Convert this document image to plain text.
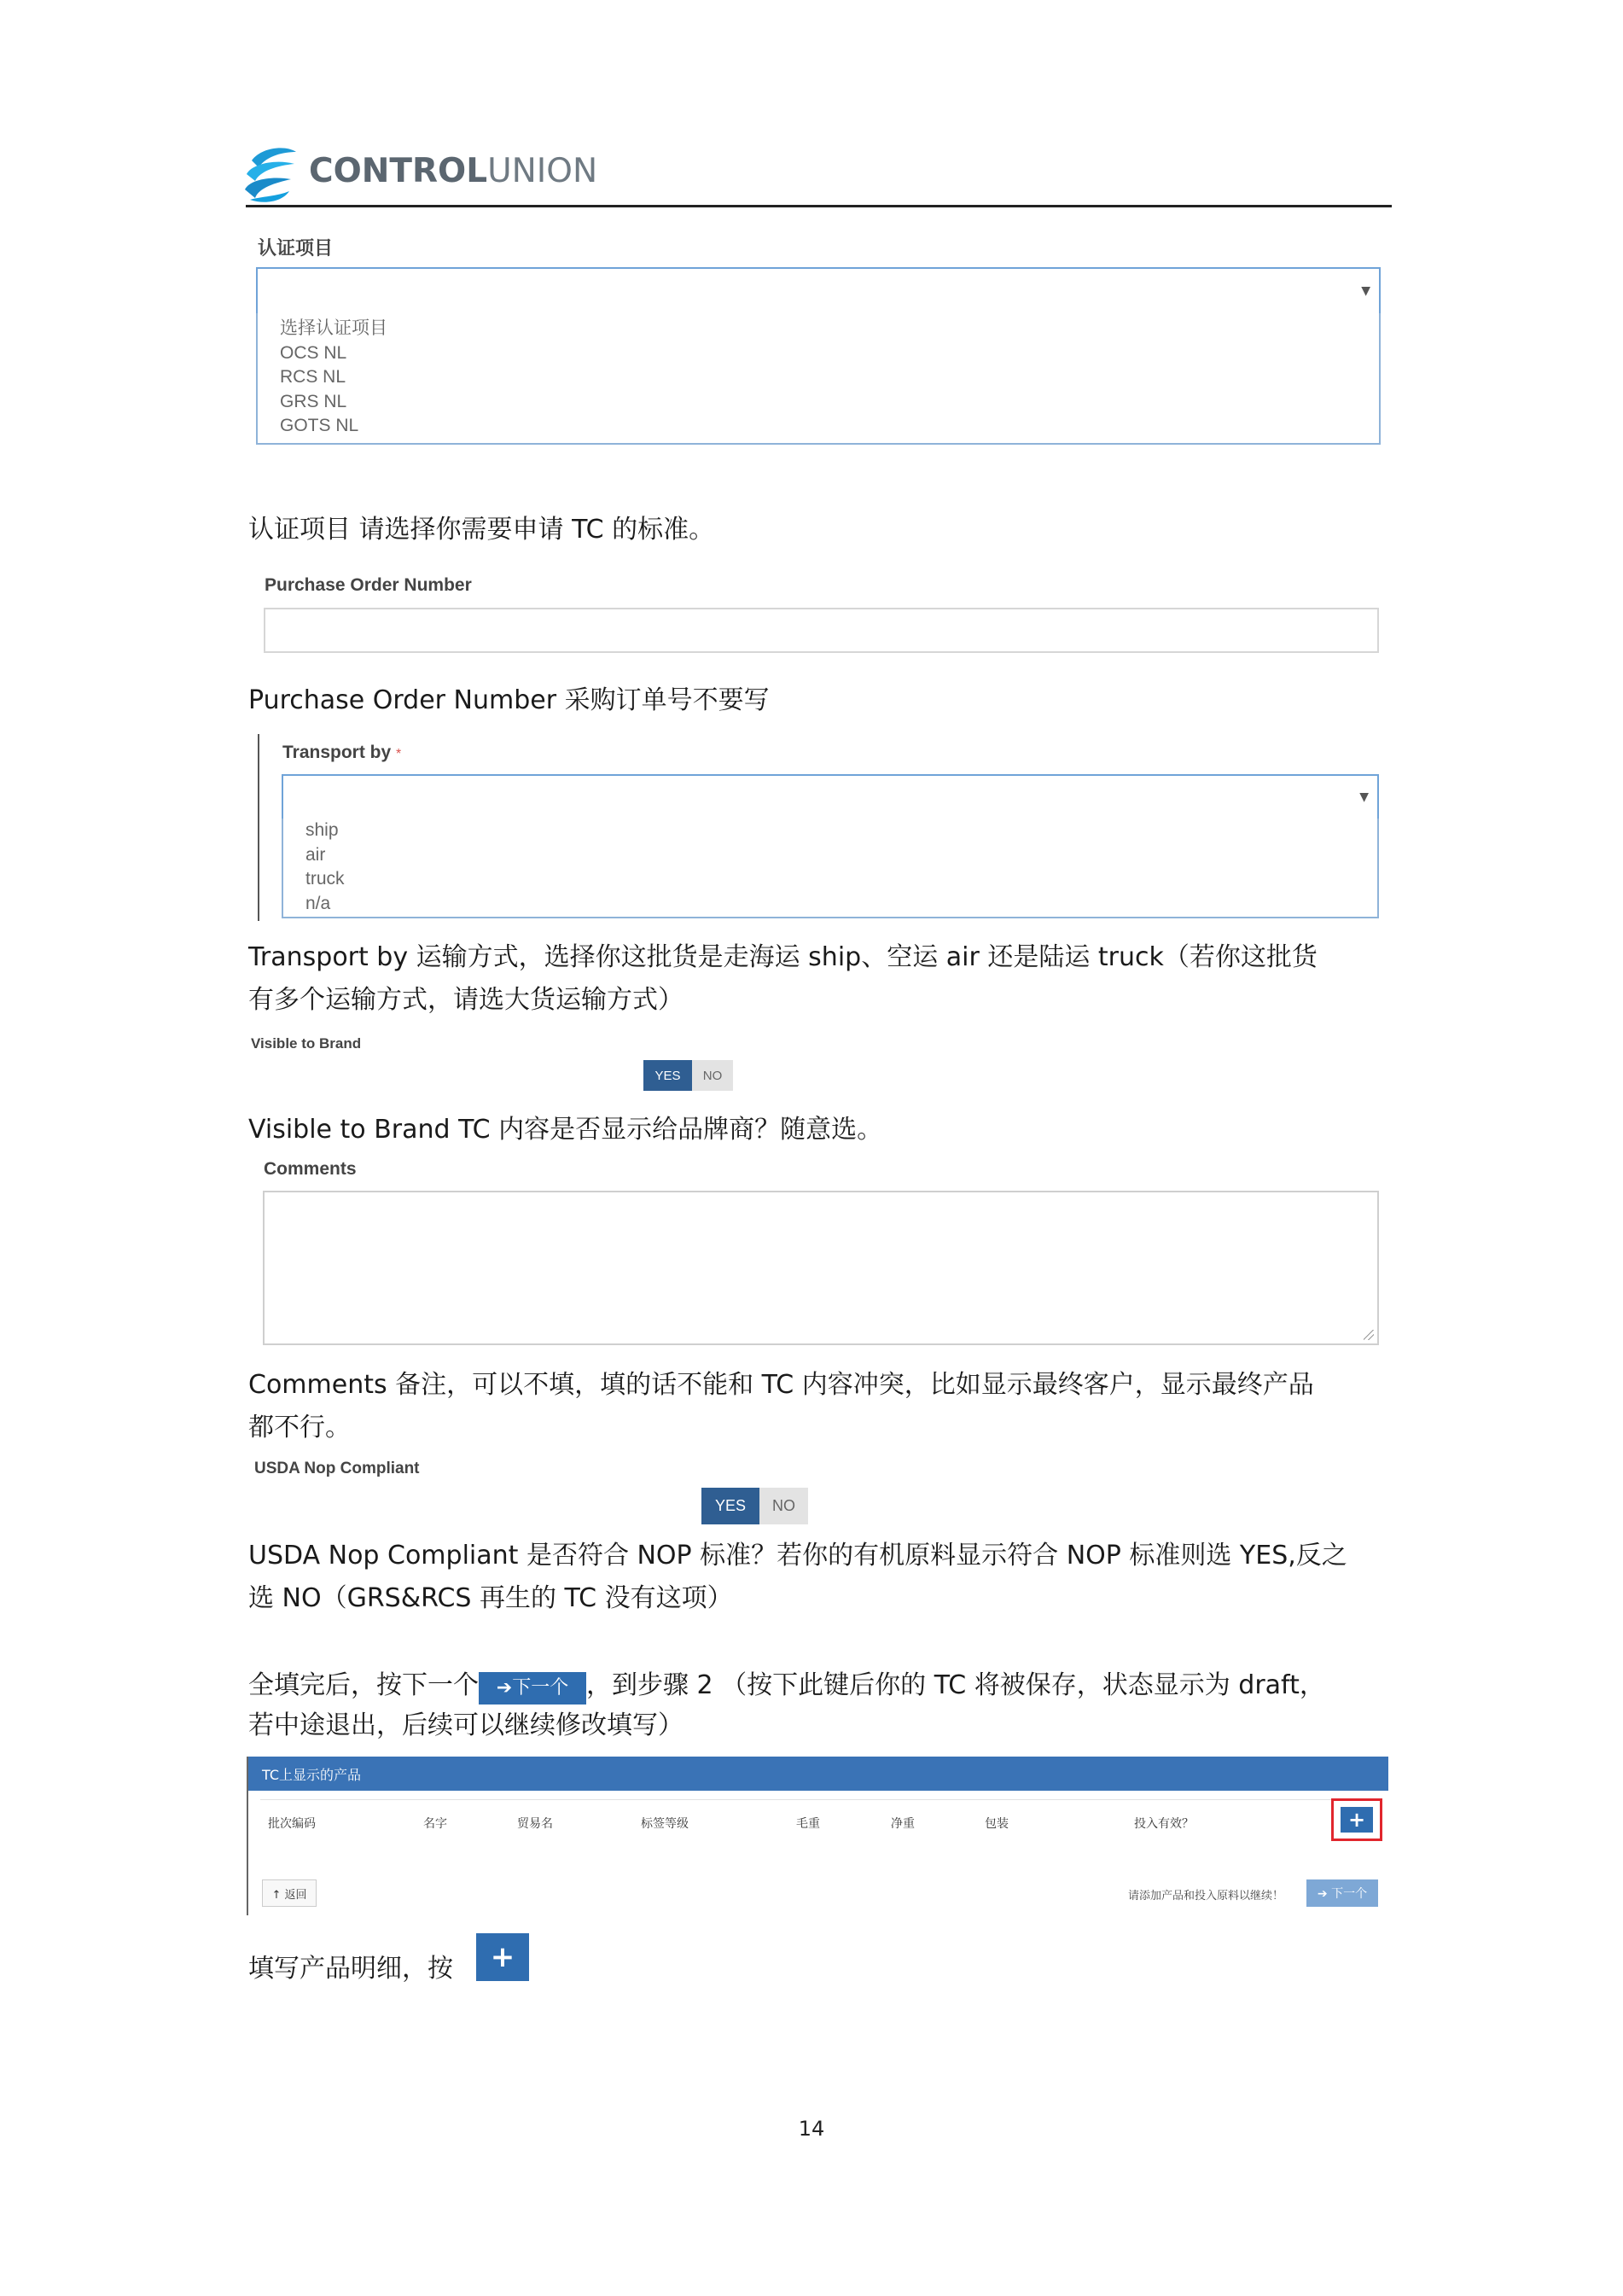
CONTROLUNION
认证项目
▼
选择认证项目
OCS NL
RCS NL
GRS NL
GOTS NL
认证项目 请选择你需要申请 TC 的标准。
Purchase Order Number
Purchase Order Number 采购订单号不要写
Transport by *
▼
ship
air
truck
n/a
Transport by 运输方式，选择你这批货是走海运 ship、空运 air 还是陆运 truck（若你这批货
有多个运输方式，请选大货运输方式）
Visible to Brand
YES	NO
Visible to Brand TC 内容是否显示给品牌商？随意选。
Comments
Comments 备注，可以不填，填的话不能和 TC 内容冲突，比如显示最终客户，显示最终产品
都不行。
USDA Nop Compliant
YES	NO
USDA Nop Compliant 是否符合 NOP 标准？若你的有机原料显示符合 NOP 标准则选 YES,反之
选 NO（GRS&RCS 再生的 TC 没有这项）
全填完后，按下一个 ➔下一个 ，到步骤 2 （按下此键后你的 TC 将被保存，状态显示为 draft，
若中途退出，后续可以继续修改填写）
TC上显示的产品
批次编码	名字	贸易名	标签等级	毛重	净重	包装	投入有效？	+
↑ 返回	请添加产品和投入原料以继续！	➔ 下一个
填写产品明细，按	+
14
